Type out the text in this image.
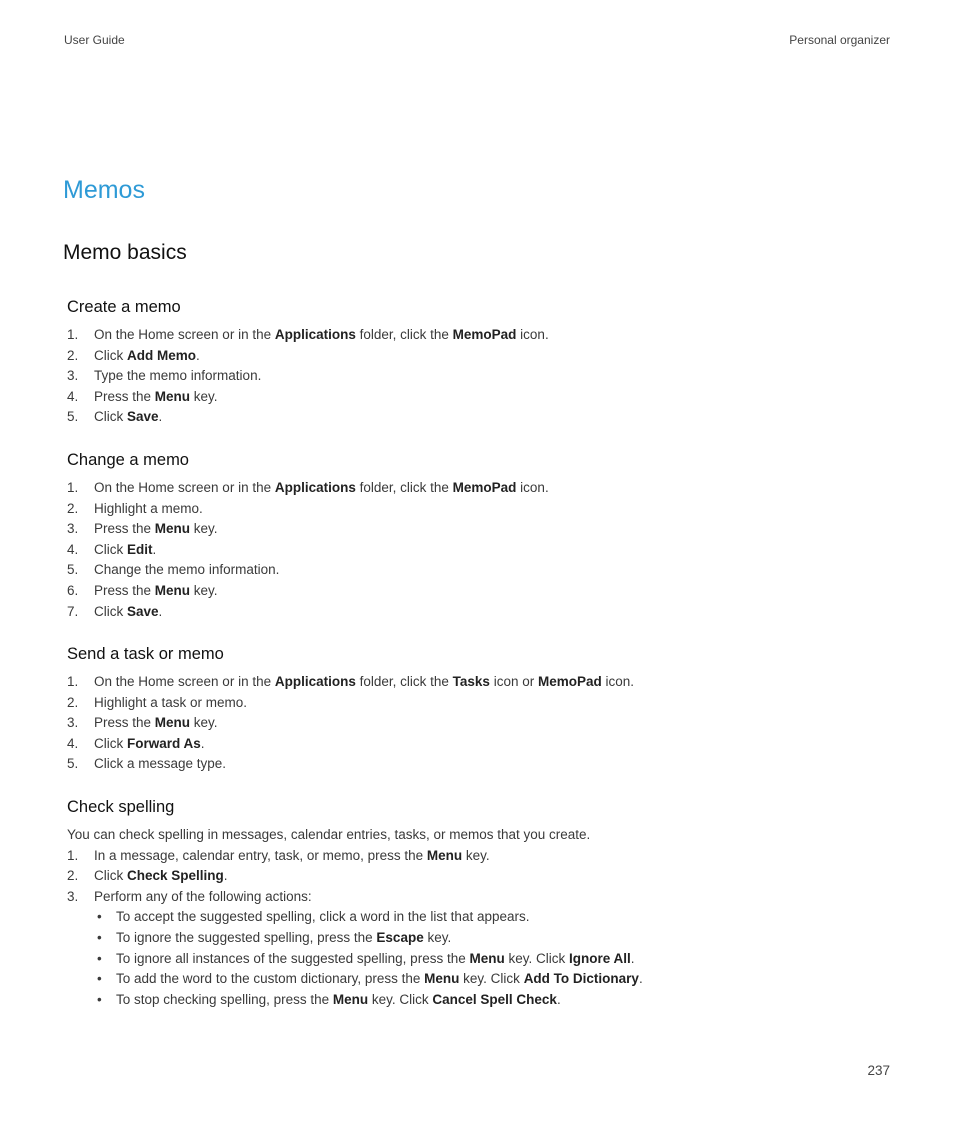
User Guide	Personal organizer
Memos
Memo basics
Create a memo
1. On the Home screen or in the Applications folder, click the MemoPad icon.
2. Click Add Memo.
3. Type the memo information.
4. Press the Menu key.
5. Click Save.
Change a memo
1. On the Home screen or in the Applications folder, click the MemoPad icon.
2. Highlight a memo.
3. Press the Menu key.
4. Click Edit.
5. Change the memo information.
6. Press the Menu key.
7. Click Save.
Send a task or memo
1. On the Home screen or in the Applications folder, click the Tasks icon or MemoPad icon.
2. Highlight a task or memo.
3. Press the Menu key.
4. Click Forward As.
5. Click a message type.
Check spelling

You can check spelling in messages, calendar entries, tasks, or memos that you create.

1. In a message, calendar entry, task, or memo, press the Menu key.
2. Click Check Spelling.
3. Perform any of the following actions:
• To accept the suggested spelling, click a word in the list that appears.
• To ignore the suggested spelling, press the Escape key.
• To ignore all instances of the suggested spelling, press the Menu key. Click Ignore All.
• To add the word to the custom dictionary, press the Menu key. Click Add To Dictionary.
• To stop checking spelling, press the Menu key. Click Cancel Spell Check.
237
